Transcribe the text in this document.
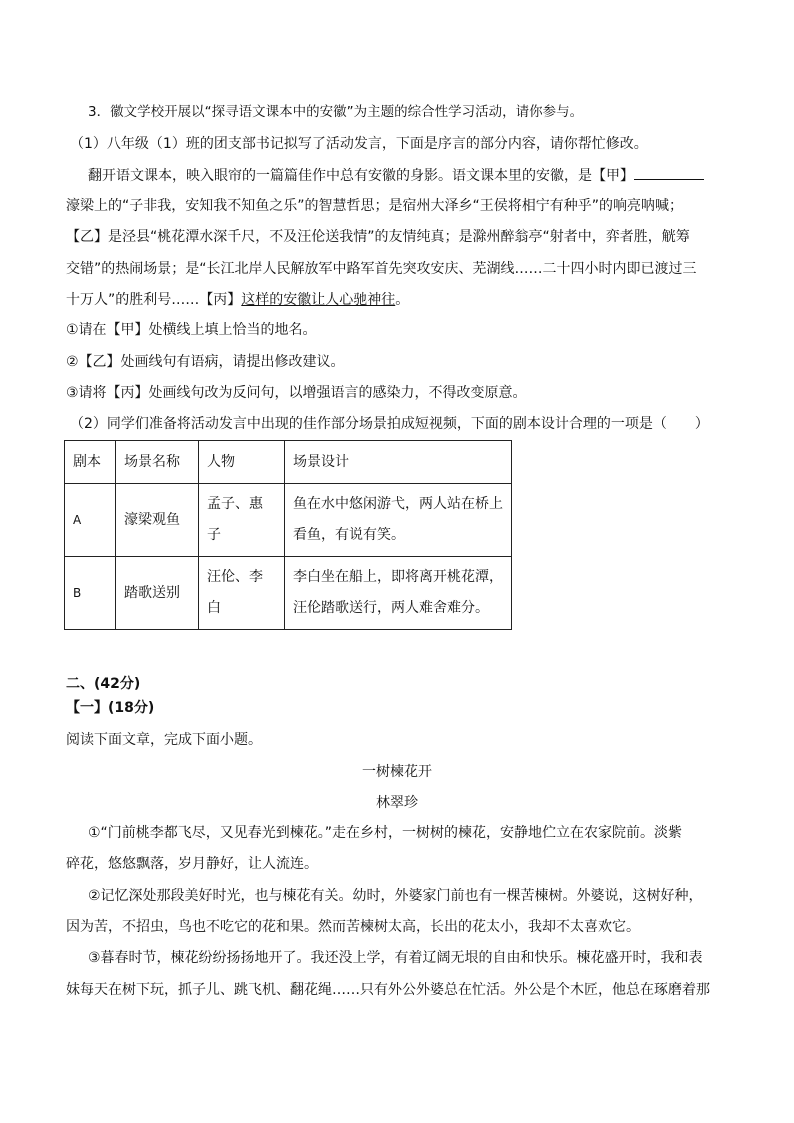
3．徽文学校开展以“探寻语文课本中的安徽”为主题的综合性学习活动，请你参与。
（1）八年级（1）班的团支部书记拟写了活动发言，下面是序言的部分内容，请你帮忙修改。
翻开语文课本，映入眼帘的一篇篇佳作中总有安徽的身影。语文课本里的安徽，是【甲】
濠梁上的“子非我，安知我不知鱼之乐”的智慧哲思；是宿州大泽乡“王侯将相宁有种乎”的响亮呐喊；
【乙】是泾县“桃花潭水深千尺，不及汪伦送我情”的友情纯真；是滁州醉翁亭“射者中，弈者胜，觥筹
交错”的热闹场景；是“长江北岸人民解放军中路军首先突攻安庆、芜湖线……二十四小时内即已渡过三
十万人”的胜利号……【丙】这样的安徽让人心驰神往。
①请在【甲】处横线上填上恰当的地名。
②【乙】处画线句有语病，请提出修改建议。
③请将【丙】处画线句改为反问句，以增强语言的感染力，不得改变原意。
（2）同学们准备将活动发言中出现的佳作部分场景拍成短视频，下面的剧本设计合理的一项是（　　）
剧本	场景名称	人物	场景设计
A	濠梁观鱼	孟子、惠子	鱼在水中悠闲游弋，两人站在桥上看鱼，有说有笑。
B	踏歌送别	汪伦、李白	李白坐在船上，即将离开桃花潭，汪伦踏歌送行，两人难舍难分。
二、(42分)
【一】(18分)
阅读下面文章，完成下面小题。
一树楝花开
林翠珍
①“门前桃李都飞尽，又见春光到楝花。”走在乡村，一树树的楝花，安静地伫立在农家院前。淡紫
碎花，悠悠飘落，岁月静好，让人流连。
②记忆深处那段美好时光，也与楝花有关。幼时，外婆家门前也有一棵苦楝树。外婆说，这树好种，
因为苦，不招虫，鸟也不吃它的花和果。然而苦楝树太高，长出的花太小，我却不太喜欢它。
③暮春时节，楝花纷纷扬扬地开了。我还没上学，有着辽阔无垠的自由和快乐。楝花盛开时，我和表
妹每天在树下玩，抓子儿、跳飞机、翻花绳……只有外公外婆总在忙活。外公是个木匠，他总在琢磨着那
